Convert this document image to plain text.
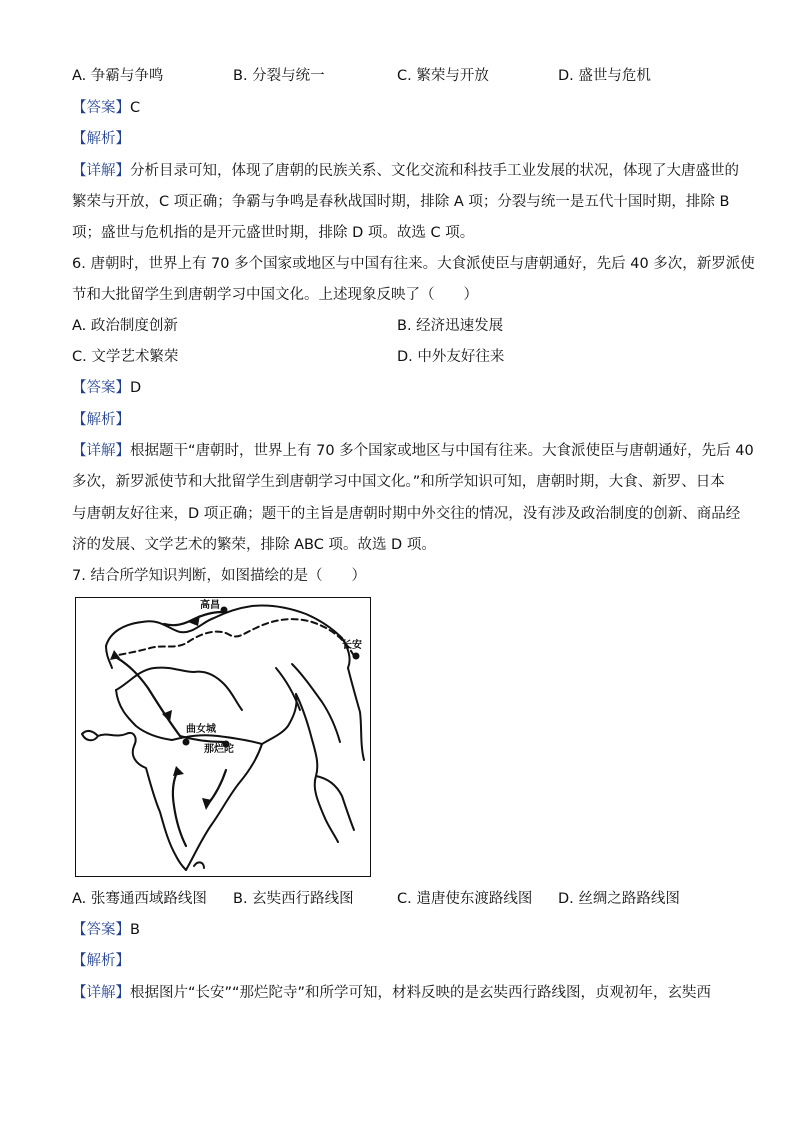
A. 争霸与争鸣	B. 分裂与统一	C. 繁荣与开放	D. 盛世与危机
【答案】C
【解析】
【详解】分析目录可知，体现了唐朝的民族关系、文化交流和科技手工业发展的状况，体现了大唐盛世的
繁荣与开放，C 项正确；争霸与争鸣是春秋战国时期，排除 A 项；分裂与统一是五代十国时期，排除 B
项；盛世与危机指的是开元盛世时期，排除 D 项。故选 C 项。
6. 唐朝时，世界上有 70 多个国家或地区与中国有往来。大食派使臣与唐朝通好，先后 40 多次，新罗派使
节和大批留学生到唐朝学习中国文化。上述现象反映了（　　）
A. 政治制度创新	B. 经济迅速发展
C. 文学艺术繁荣	D. 中外友好往来
【答案】D
【解析】
【详解】根据题干“唐朝时，世界上有 70 多个国家或地区与中国有往来。大食派使臣与唐朝通好，先后 40
多次，新罗派使节和大批留学生到唐朝学习中国文化。”和所学知识可知，唐朝时期，大食、新罗、日本
与唐朝友好往来，D 项正确；题干的主旨是唐朝时期中外交往的情况，没有涉及政治制度的创新、商品经
济的发展、文学艺术的繁荣，排除 ABC 项。故选 D 项。
7. 结合所学知识判断，如图描绘的是（　　）
高昌
长安
曲女城
那烂陀
A. 张骞通西域路线图 B. 玄奘西行路线图	C. 遣唐使东渡路线图 D. 丝绸之路路线图
【答案】B
【解析】
【详解】根据图片“长安”“那烂陀寺”和所学可知，材料反映的是玄奘西行路线图，贞观初年，玄奘西
